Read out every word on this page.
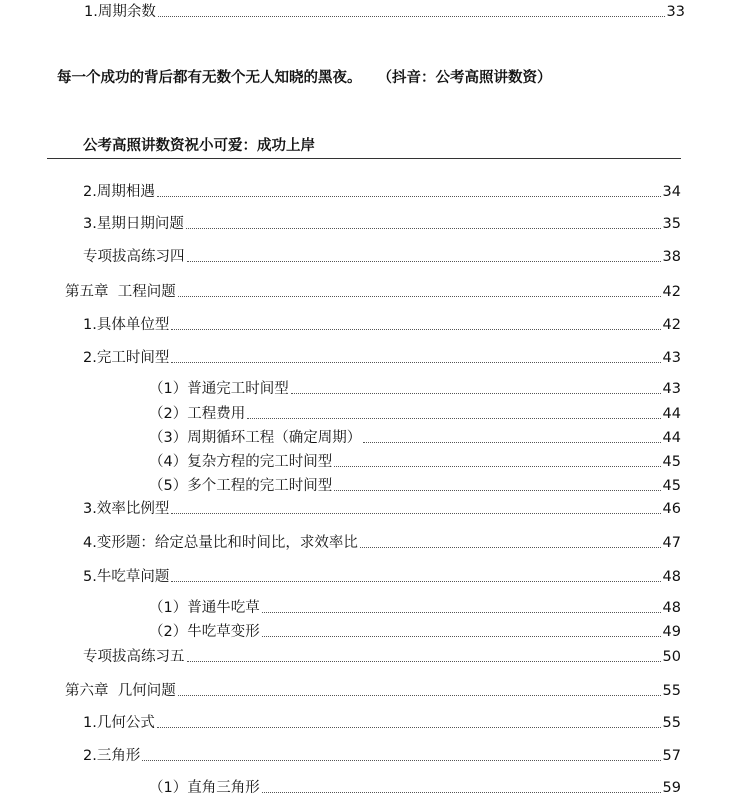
1.周期余数	33
每一个成功的背后都有无数个无人知晓的黑夜。 （抖音：公考高照讲数资）
公考高照讲数资祝小可爱：成功上岸
2.周期相遇	34
3.星期日期问题	35
专项拔高练习四	38
第五章  工程问题	42
1.具体单位型	42
2.完工时间型	43
（1）普通完工时间型	43
（2）工程费用	44
（3）周期循环工程（确定周期）	44
（4）复杂方程的完工时间型	45
（5）多个工程的完工时间型	45
3.效率比例型	46
4.变形题：给定总量比和时间比，求效率比	47
5.牛吃草问题	48
（1）普通牛吃草	48
（2）牛吃草变形	49
专项拔高练习五	50
第六章  几何问题	55
1.几何公式	55
2.三角形	57
（1）直角三角形	59
